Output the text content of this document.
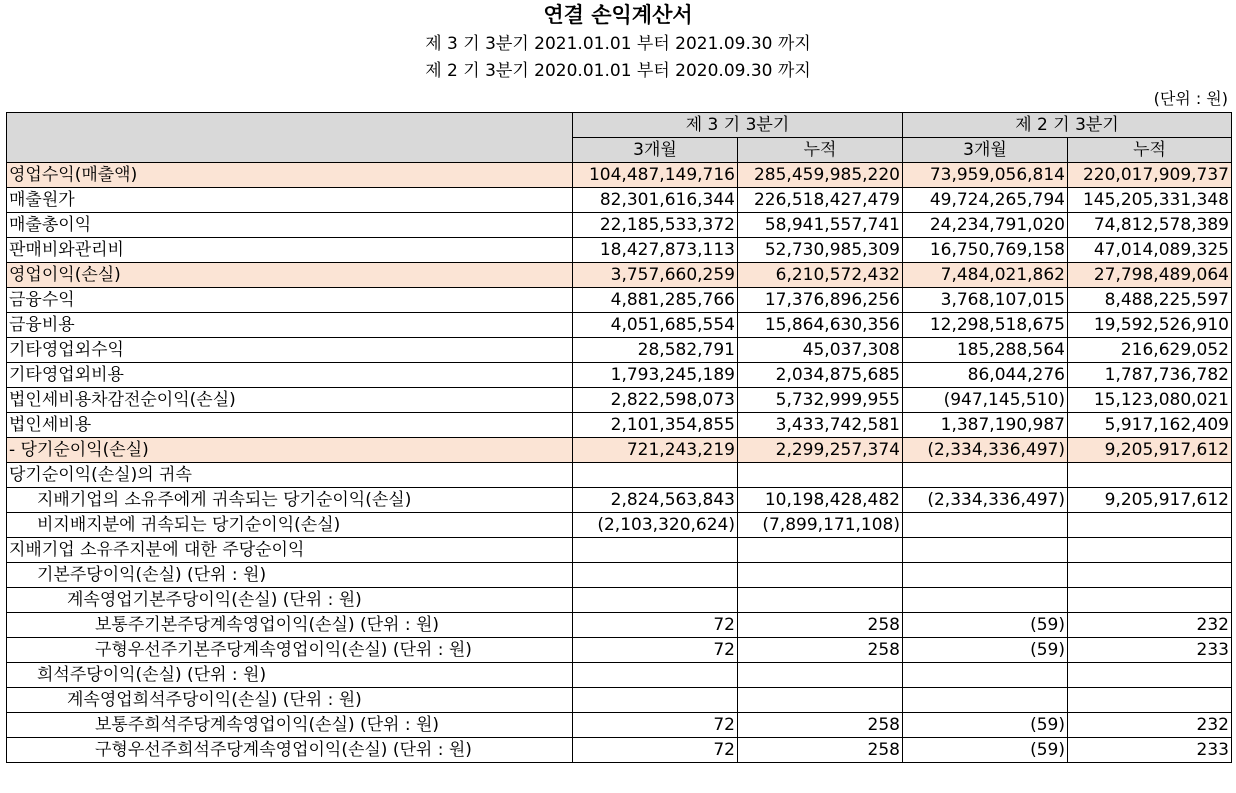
연결 손익계산서
제 3 기 3분기 2021.01.01 부터 2021.09.30 까지
제 2 기 3분기 2020.01.01 부터 2020.09.30 까지
(단위 : 원)
	제 3 기 3분기		제 2 기 3분기	
	3개월	누적	3개월	누적
영업수익(매출액)	104,487,149,716	285,459,985,220	73,959,056,814	220,017,909,737
매출원가	82,301,616,344	226,518,427,479	49,724,265,794	145,205,331,348
매출총이익	22,185,533,372	58,941,557,741	24,234,791,020	74,812,578,389
판매비와관리비	18,427,873,113	52,730,985,309	16,750,769,158	47,014,089,325
영업이익(손실)	3,757,660,259	6,210,572,432	7,484,021,862	27,798,489,064
금융수익	4,881,285,766	17,376,896,256	3,768,107,015	8,488,225,597
금융비용	4,051,685,554	15,864,630,356	12,298,518,675	19,592,526,910
기타영업외수익	28,582,791	45,037,308	185,288,564	216,629,052
기타영업외비용	1,793,245,189	2,034,875,685	86,044,276	1,787,736,782
법인세비용차감전순이익(손실)	2,822,598,073	5,732,999,955	(947,145,510)	15,123,080,021
법인세비용	2,101,354,855	3,433,742,581	1,387,190,987	5,917,162,409
- 당기순이익(손실)	721,243,219	2,299,257,374	(2,334,336,497)	9,205,917,612
당기순이익(손실)의 귀속				
지배기업의 소유주에게 귀속되는 당기순이익(손실)	2,824,563,843	10,198,428,482	(2,334,336,497)	9,205,917,612
비지배지분에 귀속되는 당기순이익(손실)	(2,103,320,624)	(7,899,171,108)		
지배기업 소유주지분에 대한 주당순이익				
기본주당이익(손실) (단위 : 원)				
계속영업기본주당이익(손실) (단위 : 원)				
보통주기본주당계속영업이익(손실) (단위 : 원)	72	258	(59)	232
구형우선주기본주당계속영업이익(손실) (단위 : 원)	72	258	(59)	233
희석주당이익(손실) (단위 : 원)				
계속영업희석주당이익(손실) (단위 : 원)				
보통주희석주당계속영업이익(손실) (단위 : 원)	72	258	(59)	232
구형우선주희석주당계속영업이익(손실) (단위 : 원)	72	258	(59)	233
